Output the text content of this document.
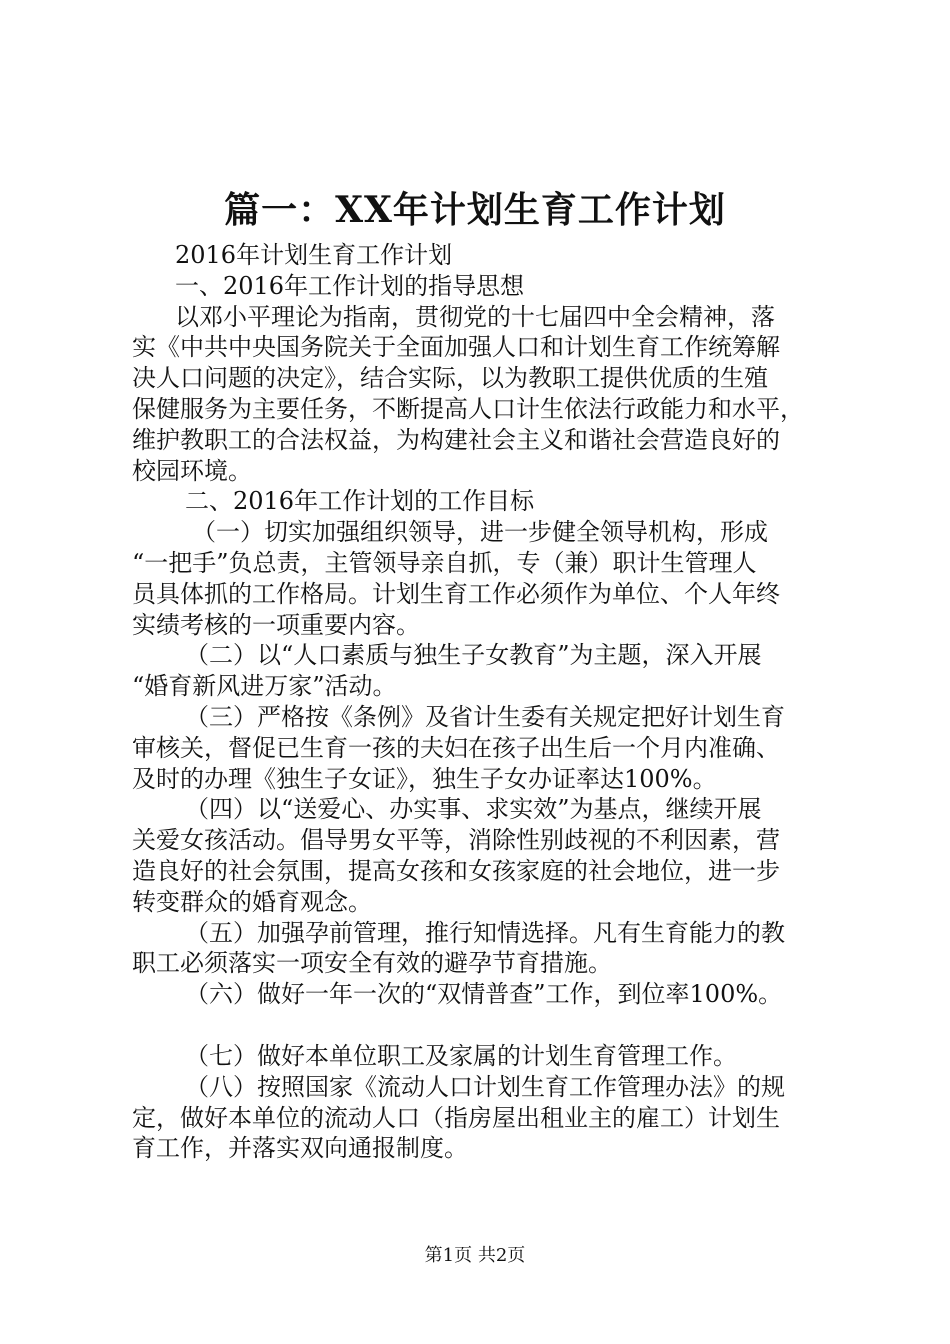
篇一：XX年计划生育工作计划
2016年计划生育工作计划
一、2016年工作计划的指导思想
以邓小平理论为指南，贯彻党的十七届四中全会精神，落
实《中共中央国务院关于全面加强人口和计划生育工作统筹解
决人口问题的决定》，结合实际，以为教职工提供优质的生殖
保健服务为主要任务，不断提高人口计生依法行政能力和水平，
维护教职工的合法权益，为构建社会主义和谐社会营造良好的
校园环境。
二、2016年工作计划的工作目标
（一）切实加强组织领导，进一步健全领导机构，形成
“一把手”负总责，主管领导亲自抓，专（兼）职计生管理人
员具体抓的工作格局。计划生育工作必须作为单位、个人年终
实绩考核的一项重要内容。
（二）以“人口素质与独生子女教育”为主题，深入开展
“婚育新风进万家”活动。
（三）严格按《条例》及省计生委有关规定把好计划生育
审核关，督促已生育一孩的夫妇在孩子出生后一个月内准确、
及时的办理《独生子女证》，独生子女办证率达100%。
（四）以“送爱心、办实事、求实效”为基点，继续开展
关爱女孩活动。倡导男女平等，消除性别歧视的不利因素，营
造良好的社会氛围，提高女孩和女孩家庭的社会地位，进一步
转变群众的婚育观念。
（五）加强孕前管理，推行知情选择。凡有生育能力的教
职工必须落实一项安全有效的避孕节育措施。
（六）做好一年一次的“双情普查”工作，到位率100%。
（七）做好本单位职工及家属的计划生育管理工作。
（八）按照国家《流动人口计划生育工作管理办法》的规
定，做好本单位的流动人口（指房屋出租业主的雇工）计划生
育工作，并落实双向通报制度。
第1页 共2页
